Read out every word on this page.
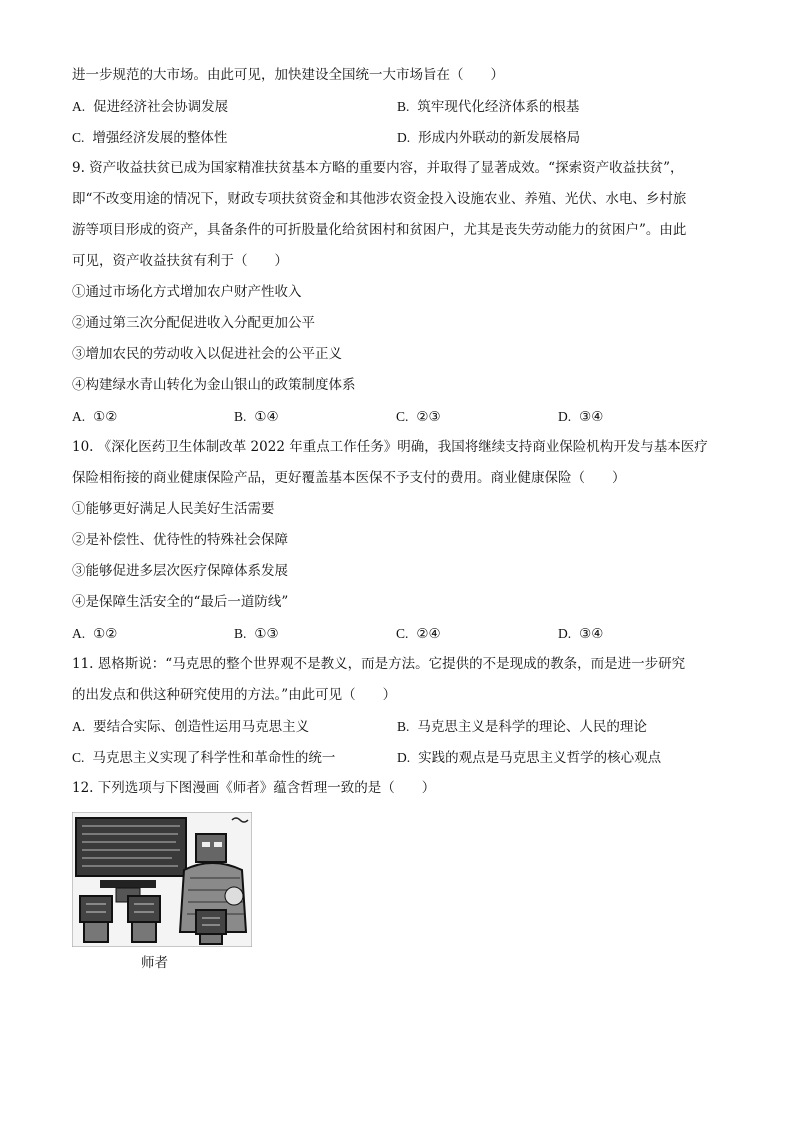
进一步规范的大市场。由此可见，加快建设全国统一大市场旨在（　　）
A. 促进经济社会协调发展	B. 筑牢现代化经济体系的根基
C. 增强经济发展的整体性	D. 形成内外联动的新发展格局
9. 资产收益扶贫已成为国家精准扶贫基本方略的重要内容，并取得了显著成效。“探索资产收益扶贫”，
即“不改变用途的情况下，财政专项扶贫资金和其他涉农资金投入设施农业、养殖、光伏、水电、乡村旅
游等项目形成的资产，具备条件的可折股量化给贫困村和贫困户，尤其是丧失劳动能力的贫困户”。由此
可见，资产收益扶贫有利于（　　）
①通过市场化方式增加农户财产性收入
②通过第三次分配促进收入分配更加公平
③增加农民的劳动收入以促进社会的公平正义
④构建绿水青山转化为金山银山的政策制度体系
A. ①②	B. ①④	C. ②③	D. ③④
10. 《深化医药卫生体制改革 2022 年重点工作任务》明确，我国将继续支持商业保险机构开发与基本医疗
保险相衔接的商业健康保险产品，更好覆盖基本医保不予支付的费用。商业健康保险（　　）
①能够更好满足人民美好生活需要
②是补偿性、优待性的特殊社会保障
③能够促进多层次医疗保障体系发展
④是保障生活安全的“最后一道防线”
A. ①②	B. ①③	C. ②④	D. ③④
11. 恩格斯说：“马克思的整个世界观不是教义，而是方法。它提供的不是现成的教条，而是进一步研究
的出发点和供这种研究使用的方法。”由此可见（　　）
A. 要结合实际、创造性运用马克思主义	B. 马克思主义是科学的理论、人民的理论
C. 马克思主义实现了科学性和革命性的统一	D. 实践的观点是马克思主义哲学的核心观点
12. 下列选项与下图漫画《师者》蕴含哲理一致的是（　　）
师者
